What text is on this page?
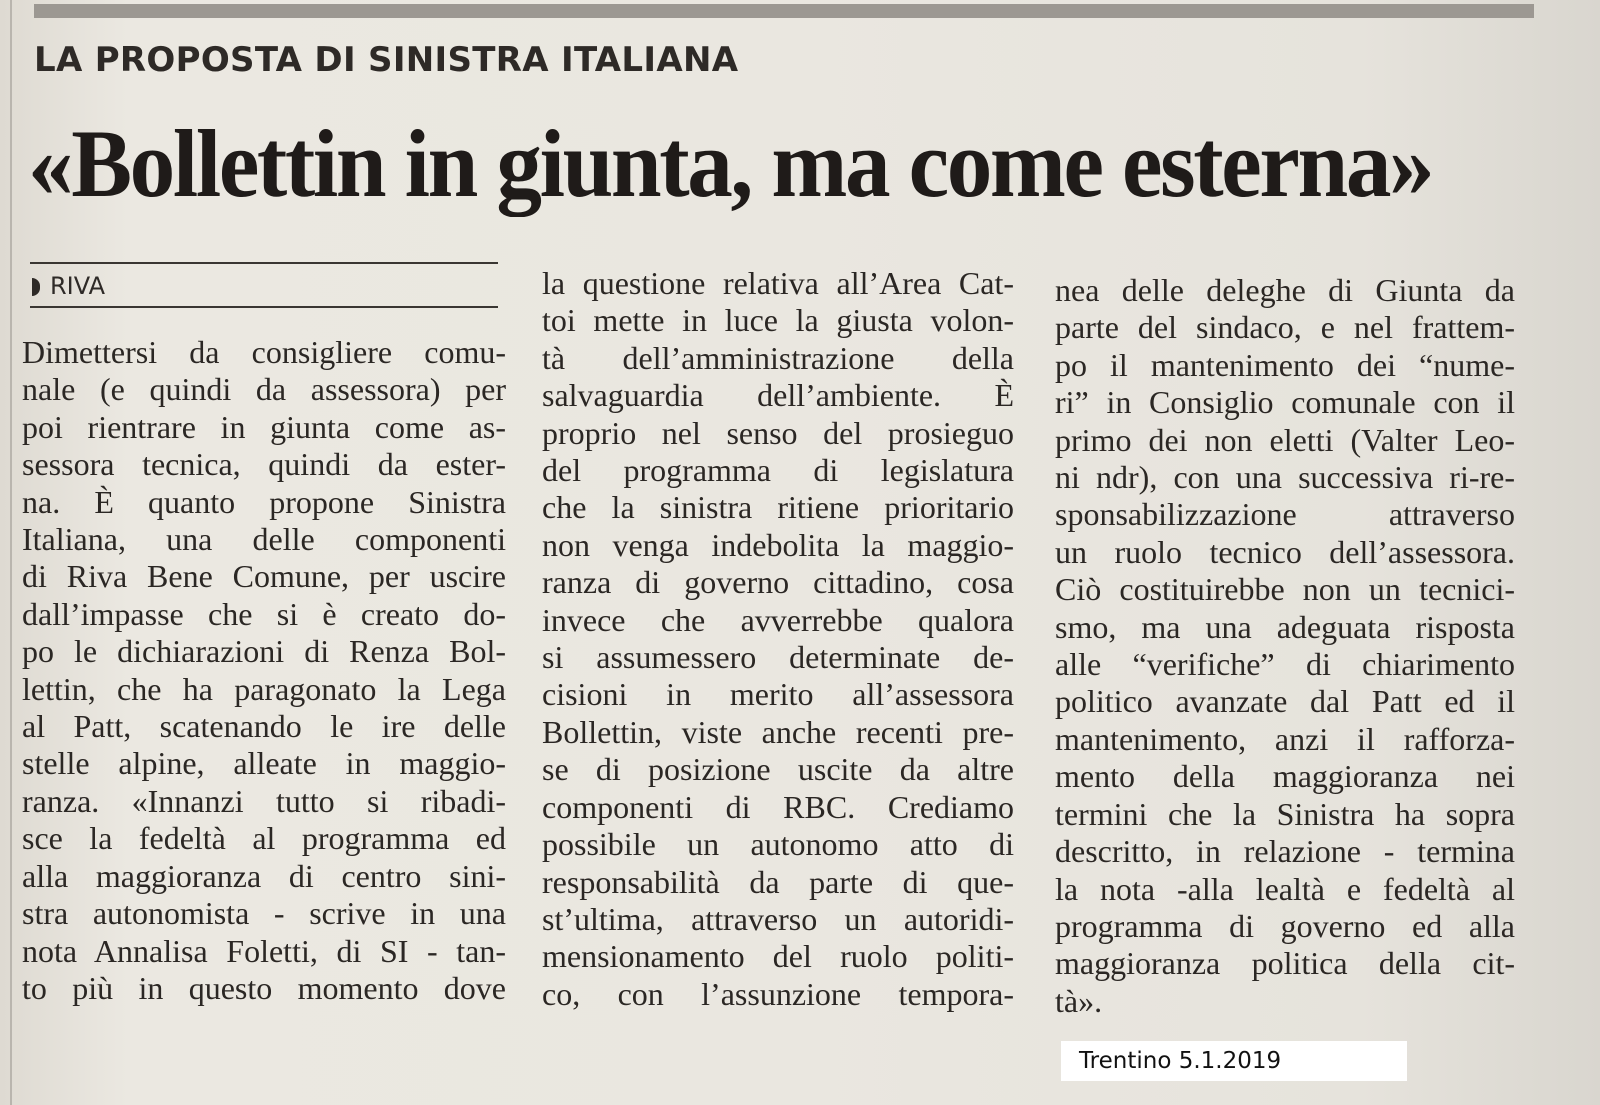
LA PROPOSTA DI SINISTRA ITALIANA
«Bollettin in giunta, ma come esterna»
RIVA

Dimettersi da consigliere comu-

nale (e quindi da assessora) per

poi rientrare in giunta come as-

sessora tecnica, quindi da ester-

na. È quanto propone Sinistra

Italiana, una delle componenti

di Riva Bene Comune, per uscire

dall’impasse che si è creato do-

po le dichiarazioni di Renza Bol-

lettin, che ha paragonato la Lega

al Patt, scatenando le ire delle

stelle alpine, alleate in maggio-

ranza. «Innanzi tutto si ribadi-

sce la fedeltà al programma ed

alla maggioranza di centro sini-

stra autonomista - scrive in una

nota Annalisa Foletti, di SI - tan-

to più in questo momento dove

la questione relativa all’Area Cat-

toi mette in luce la giusta volon-

tà dell’amministrazione della

salvaguardia dell’ambiente. È

proprio nel senso del prosieguo

del programma di legislatura

che la sinistra ritiene prioritario

non venga indebolita la maggio-

ranza di governo cittadino, cosa

invece che avverrebbe qualora

si assumessero determinate de-

cisioni in merito all’assessora

Bollettin, viste anche recenti pre-

se di posizione uscite da altre

componenti di RBC. Crediamo

possibile un autonomo atto di

responsabilità da parte di que-

st’ultima, attraverso un autoridi-

mensionamento del ruolo politi-

co, con l’assunzione tempora-

nea delle deleghe di Giunta da

parte del sindaco, e nel frattem-

po il mantenimento dei “nume-

ri” in Consiglio comunale con il

primo dei non eletti (Valter Leo-

ni ndr), con una successiva ri-re-

sponsabilizzazione attraverso

un ruolo tecnico dell’assessora.

Ciò costituirebbe non un tecnici-

smo, ma una adeguata risposta

alle “verifiche” di chiarimento

politico avanzate dal Patt ed il

mantenimento, anzi il rafforza-

mento della maggioranza nei

termini che la Sinistra ha sopra

descritto, in relazione - termina

la nota -alla lealtà e fedeltà al

programma di governo ed alla

maggioranza politica della cit-

tà».

Trentino 5.1.2019
